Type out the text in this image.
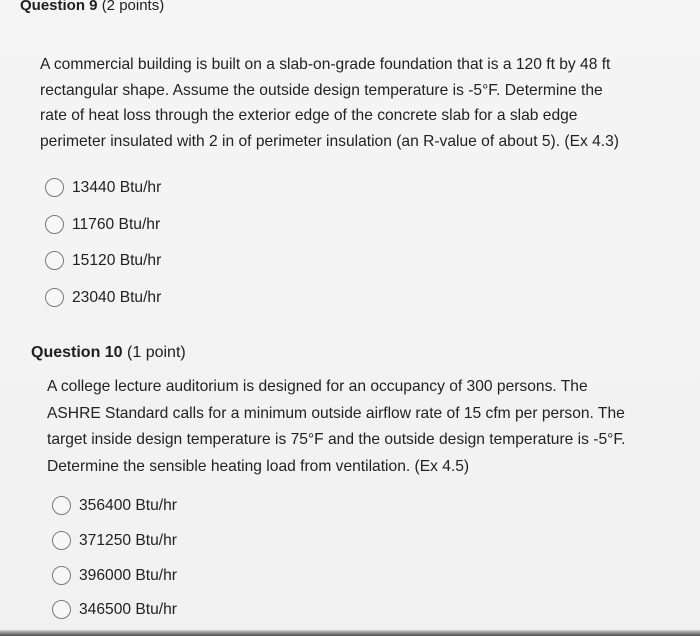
Question 9 (2 points)
A commercial building is built on a slab-on-grade foundation that is a 120 ft by 48 ft
rectangular shape. Assume the outside design temperature is -5°F. Determine the
rate of heat loss through the exterior edge of the concrete slab for a slab edge
perimeter insulated with 2 in of perimeter insulation (an R-value of about 5). (Ex 4.3)
13440 Btu/hr
11760 Btu/hr
15120 Btu/hr
23040 Btu/hr
Question 10 (1 point)
A college lecture auditorium is designed for an occupancy of 300 persons. The
ASHRE Standard calls for a minimum outside airflow rate of 15 cfm per person. The
target inside design temperature is 75°F and the outside design temperature is -5°F.
Determine the sensible heating load from ventilation. (Ex 4.5)
356400 Btu/hr
371250 Btu/hr
396000 Btu/hr
346500 Btu/hr
